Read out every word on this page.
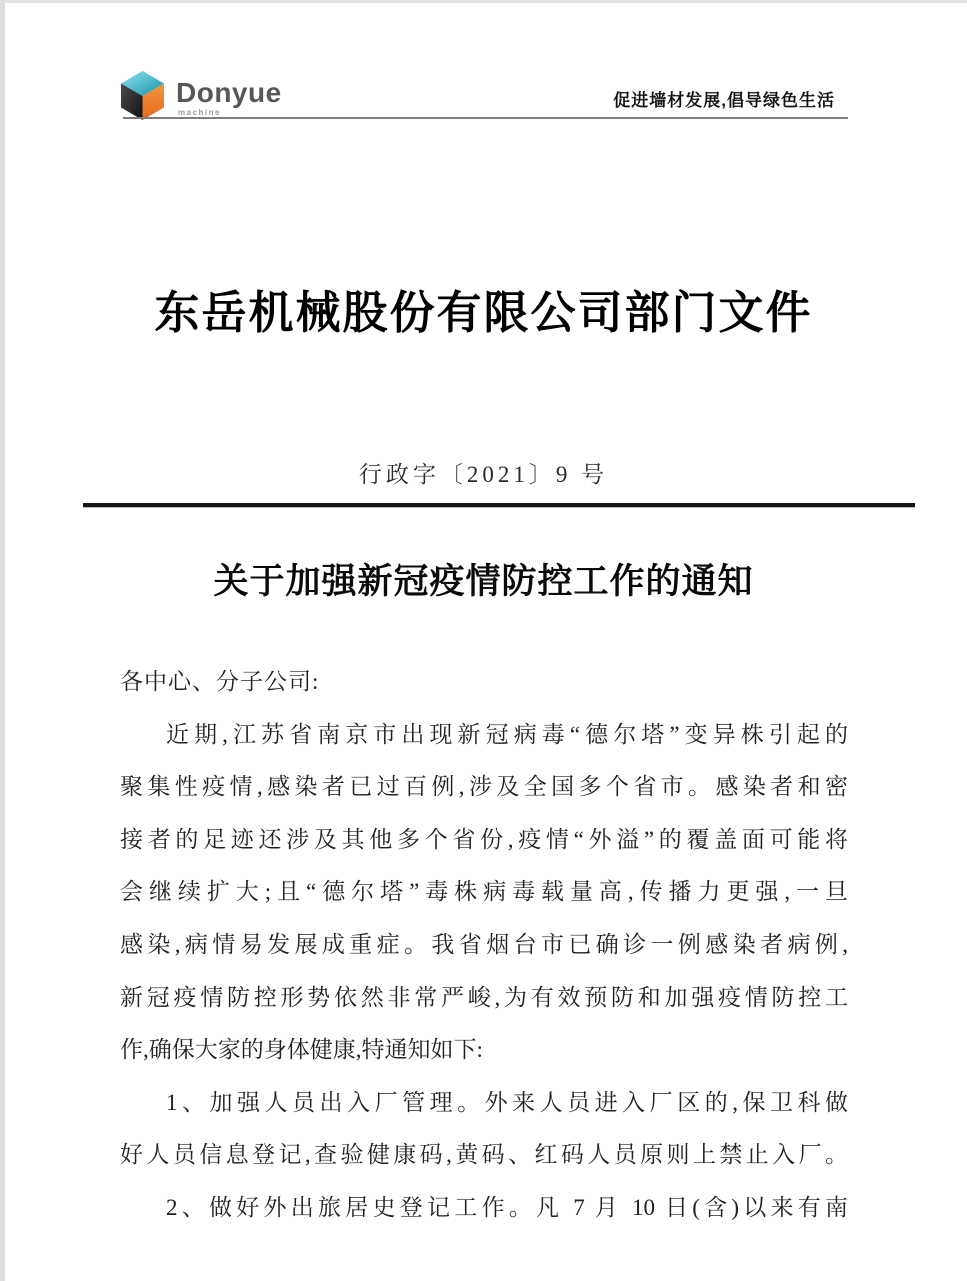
Donyue
machine
促进墙材发展,倡导绿色生活
东岳机械股份有限公司部门文件
行政字〔2021〕9 号
关于加强新冠疫情防控工作的通知
各中心、分子公司:
近期,江苏省南京市出现新冠病毒“德尔塔”变异株引起的
聚集性疫情,感染者已过百例,涉及全国多个省市。感染者和密
接者的足迹还涉及其他多个省份,疫情“外溢”的覆盖面可能将
会继续扩大;且“德尔塔”毒株病毒载量高,传播力更强,一旦
感染,病情易发展成重症。我省烟台市已确诊一例感染者病例,
新冠疫情防控形势依然非常严峻,为有效预防和加强疫情防控工
作,确保大家的身体健康,特通知如下:
1、加强人员出入厂管理。外来人员进入厂区的,保卫科做
好人员信息登记,查验健康码,黄码、红码人员原则上禁止入厂。
2、做好外出旅居史登记工作。凡 7 月 10 日(含)以来有南
